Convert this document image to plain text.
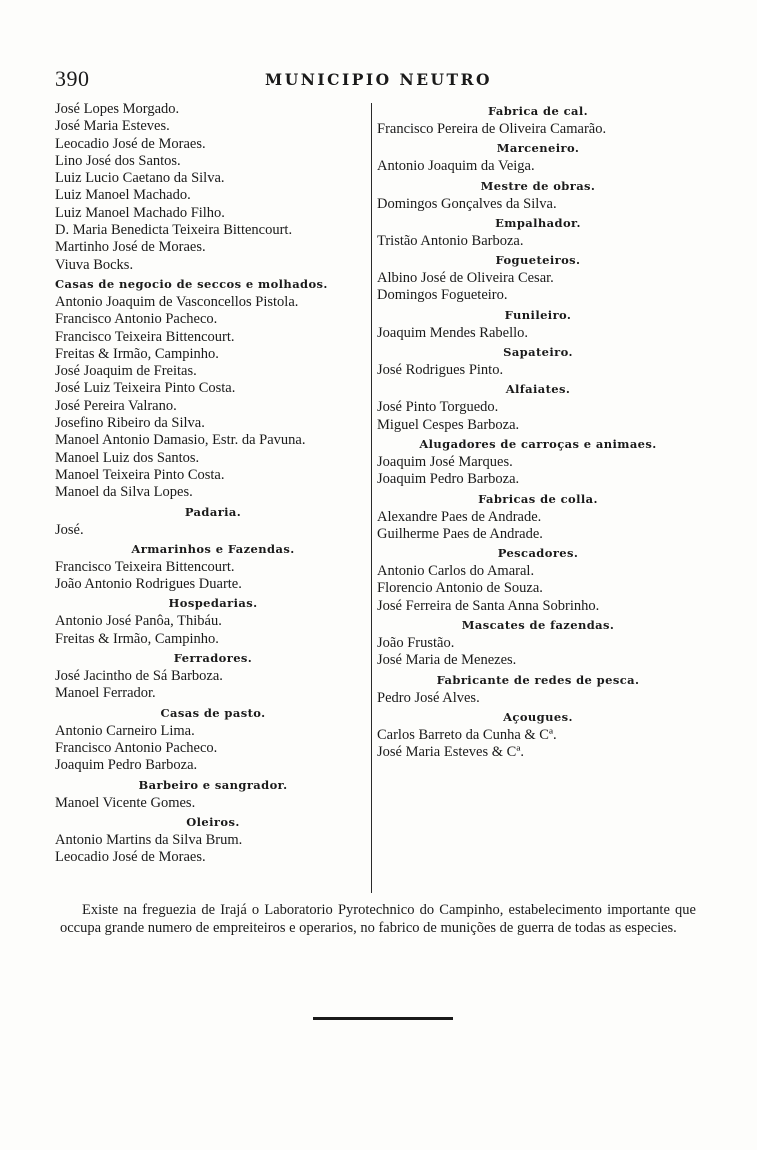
390	MUNICIPIO NEUTRO
José Lopes Morgado.
José Maria Esteves.
Leocadio José de Moraes.
Lino José dos Santos.
Luiz Lucio Caetano da Silva.
Luiz Manoel Machado.
Luiz Manoel Machado Filho.
D. Maria Benedicta Teixeira Bittencourt.
Martinho José de Moraes.
Viuva Bocks.
Casas de negocio de seccos e molhados.
Antonio Joaquim de Vasconcellos Pistola.
Francisco Antonio Pacheco.
Francisco Teixeira Bittencourt.
Freitas & Irmão, Campinho.
José Joaquim de Freitas.
José Luiz Teixeira Pinto Costa.
José Pereira Valrano.
Josefino Ribeiro da Silva.
Manoel Antonio Damasio, Estr. da Pavuna.
Manoel Luiz dos Santos.
Manoel Teixeira Pinto Costa.
Manoel da Silva Lopes.
Padaria.
José.
Armarinhos e Fazendas.
Francisco Teixeira Bittencourt.
João Antonio Rodrigues Duarte.
Hospedarias.
Antonio José Panôa, Thibáu.
Freitas & Irmão, Campinho.
Ferradores.
José Jacintho de Sá Barboza.
Manoel Ferrador.
Casas de pasto.
Antonio Carneiro Lima.
Francisco Antonio Pacheco.
Joaquim Pedro Barboza.
Barbeiro e sangrador.
Manoel Vicente Gomes.
Oleiros.
Antonio Martins da Silva Brum.
Leocadio José de Moraes.
Fabrica de cal.
Francisco Pereira de Oliveira Camarão.
Marceneiro.
Antonio Joaquim da Veiga.
Mestre de obras.
Domingos Gonçalves da Silva.
Empalhador.
Tristão Antonio Barboza.
Fogueteiros.
Albino José de Oliveira Cesar.
Domingos Fogueteiro.
Funileiro.
Joaquim Mendes Rabello.
Sapateiro.
José Rodrigues Pinto.
Alfaiates.
José Pinto Torguedo.
Miguel Cespes Barboza.
Alugadores de carroças e animaes.
Joaquim José Marques.
Joaquim Pedro Barboza.
Fabricas de colla.
Alexandre Paes de Andrade.
Guilherme Paes de Andrade.
Pescadores.
Antonio Carlos do Amaral.
Florencio Antonio de Souza.
José Ferreira de Santa Anna Sobrinho.
Mascates de fazendas.
João Frustão.
José Maria de Menezes.
Fabricante de redes de pesca.
Pedro José Alves.
Açougues.
Carlos Barreto da Cunha & Cª.
José Maria Esteves & Cª.
Existe na freguezia de Irajá o Laboratorio Pyrotechnico do Campinho, estabelecimento importante que occupa grande numero de empreiteiros e operarios, no fabrico de munições de guerra de todas as especies.
